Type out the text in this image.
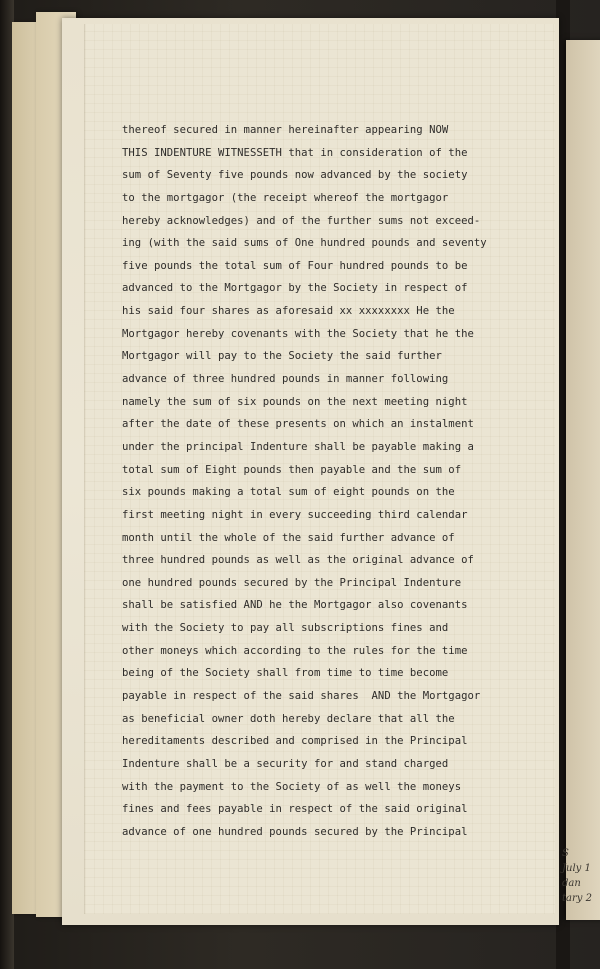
thereof secured in manner hereinafter appearing NOW
THIS INDENTURE WITNESSETH that in consideration of the
sum of Seventy five pounds now advanced by the society
to the mortgagor (the receipt whereof the mortgagor
hereby acknowledges) and of the further sums not exceed-
ing (with the said sums of One hundred pounds and seventy
five pounds the total sum of Four hundred pounds to be
advanced to the Mortgagor by the Society in respect of
his said four shares as aforesaid xx xxxxxxxx He the
Mortgagor hereby covenants with the Society that he the
Mortgagor will pay to the Society the said further
advance of three hundred pounds in manner following
namely the sum of six pounds on the next meeting night
after the date of these presents on which an instalment
under the principal Indenture shall be payable making a
total sum of Eight pounds then payable and the sum of
six pounds making a total sum of eight pounds on the
first meeting night in every succeeding third calendar
month until the whole of the said further advance of
three hundred pounds as well as the original advance of
one hundred pounds secured by the Principal Indenture
shall be satisfied AND he the Mortgagor also covenants
with the Society to pay all subscriptions fines and
other moneys which according to the rules for the time
being of the Society shall from time to time become
payable in respect of the said shares  AND the Mortgagor
as beneficial owner doth hereby declare that all the
hereditaments described and comprised in the Principal
Indenture shall be a security for and stand charged
with the payment to the Society of as well the moneys
fines and fees payable in respect of the said original
advance of one hundred pounds secured by the Principal
S
July 1
dan
tary 2
